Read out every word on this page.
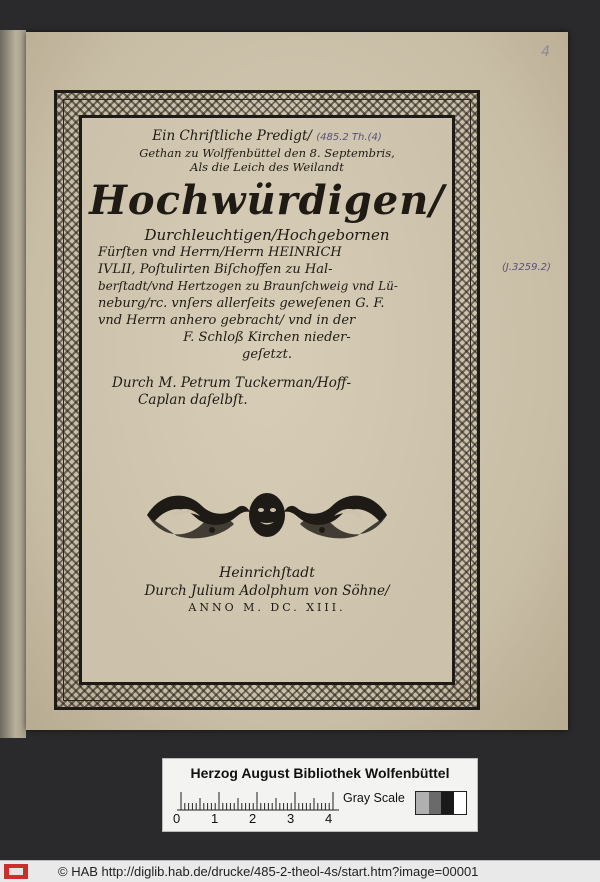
4
(J.3259.2)
Ein Chriſtliche Predigt/ (485.2 Th.(4)
Gethan zu Wolffenbüttel den 8. Septembris,
Als die Leich des Weilandt
Hochwürdigen/
Durchleuchtigen/Hochgebornen
Fürſten vnd Herrn/Herrn HEINRICH
IVLII, Poſtulirten Biſchoffen zu Hal-
berſtadt/vnd Hertzogen zu Braunſchweig vnd Lü-
neburg/rc. vnſers allerſeits geweſenen G. F.
vnd Herrn anhero gebracht/ vnd in der
F. Schloß Kirchen nieder-
geſetzt.
Durch M. Petrum Tuckerman/Hoff-
Caplan daſelbſt.
Heinrichſtadt
Durch Julium Adolphum von Söhne/
ANNO M. DC. XIII.
Herzog August Bibliothek Wolfenbüttel
0 1 2 3 4
Gray Scale
© HAB http://diglib.hab.de/drucke/485-2-theol-4s/start.htm?image=00001
